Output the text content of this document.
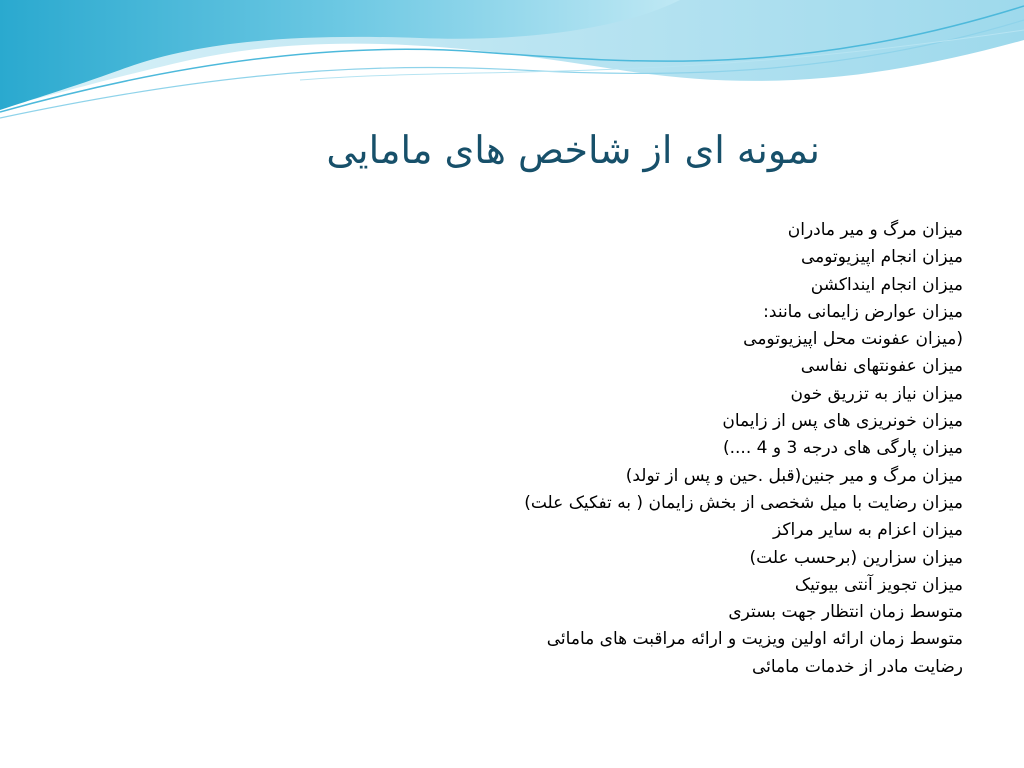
نمونه ای از شاخص های مامایی
میزان مرگ و میر مادران
میزان انجام اپیزیوتومی
میزان انجام اینداکشن
میزان عوارض زایمانی مانند:
(میزان عفونت محل اپیزیوتومی
میزان عفونتهای نفاسی
میزان نیاز به تزریق خون
میزان خونریزی های پس از زایمان
میزان پارگی های درجه 3 و 4 ....)
میزان مرگ و میر جنین(قبل .حین و پس از تولد)
میزان رضایت با میل شخصی از بخش زایمان ( به تفکیک علت)
میزان اعزام به سایر مراکز
میزان سزارین (برحسب علت)
میزان تجویز آنتی بیوتیک
متوسط زمان انتظار جهت بستری
متوسط زمان ارائه اولین ویزیت و ارائه مراقبت های مامائی
رضایت مادر از خدمات مامائی
